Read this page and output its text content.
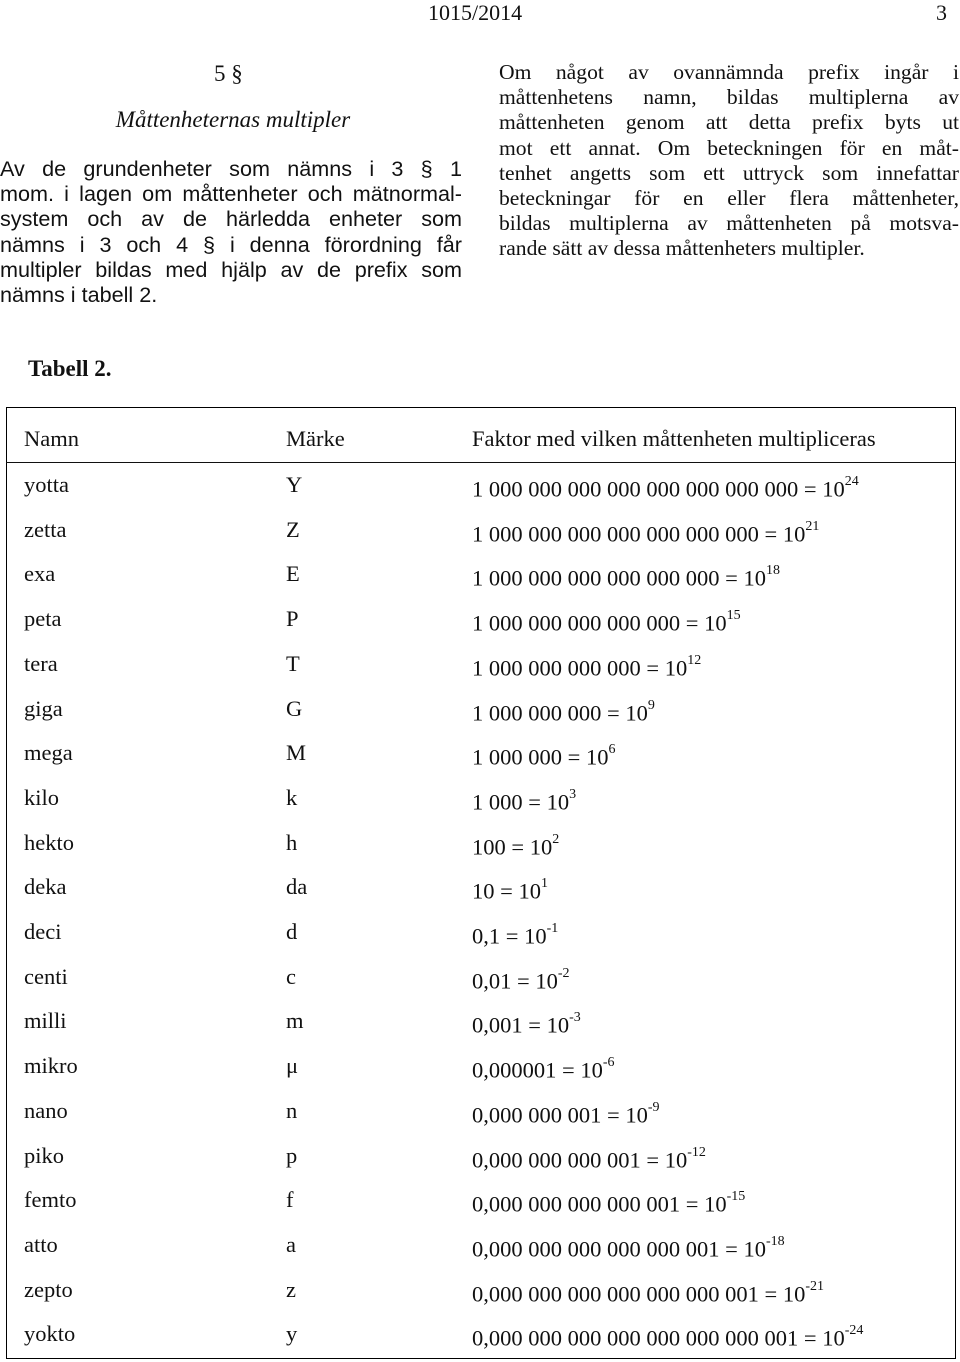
1015/2014	3
5 §
Måttenheternas multipler
Av de grundenheter som nämns i 3 § 1
mom. i lagen om måttenheter och mätnormal-
system och av de härledda enheter som
nämns i 3 och 4 § i denna förordning får
multipler bildas med hjälp av de prefix som
nämns i tabell 2.
Om något av ovannämnda prefix ingår i
måttenhetens namn, bildas multiplerna av
måttenheten genom att detta prefix byts ut
mot ett annat. Om beteckningen för en måt-
tenhet angetts som ett uttryck som innefattar
beteckningar för en eller flera måttenheter,
bildas multiplerna av måttenheten på motsva-
rande sätt av dessa måttenheters multipler.
Tabell 2.
Namn	Märke	Faktor med vilken måttenheten multipliceras
yotta	Y	1 000 000 000 000 000 000 000 $000 = 10^{24}$
zetta	Z	1 000 000 000 000 000 000 $000 = 10^{21}$
exa	E	1 000 000 000 000 000 $000 = 10^{18}$
peta	P	1 000 000 000 000 $000 = 10^{15}$
tera	T	1 000 000 000 $000 = 10^{12}$
giga	G	1 000 000 $000 = 10^9$
mega	M	1 000 $000 = 10^6$
kilo	k	1 $000 = 10^3$
hekto	h	$100 = 10^2$
deka	da	$10 = 10^1$
deci	d	$0,1 = 10^{-1}$
centi	c	$0,01 = 10^{-2}$
milli	m	$0,001 = 10^{-3}$
mikro	μ	$0,000001 = 10^{-6}$
nano	n	0,000 000 $001 = 10^{-9}$
piko	p	0,000 000 000 $001 = 10^{-12}$
femto	f	0,000 000 000 000 $001 = 10^{-15}$
atto	a	0,000 000 000 000 000 $001 = 10^{-18}$
zepto	z	0,000 000 000 000 000 000 $001 = 10^{-21}$
yokto	y	0,000 000 000 000 000 000 000 $001 = 10^{-24}$
